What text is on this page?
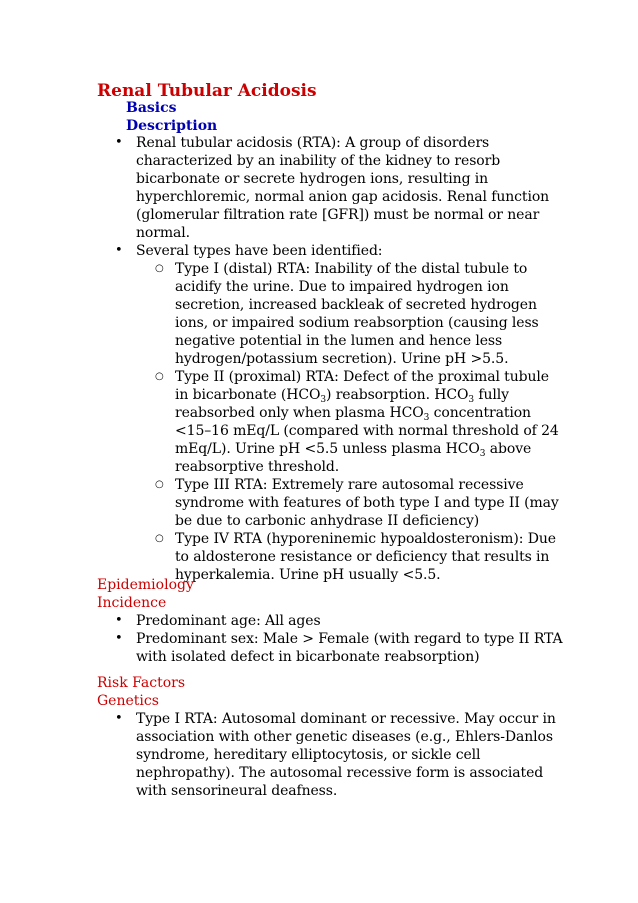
Renal Tubular Acidosis
Basics
Description
• Renal tubular acidosis (RTA): A group of disorders
characterized by an inability of the kidney to resorb
bicarbonate or secrete hydrogen ions, resulting in
hyperchloremic, normal anion gap acidosis. Renal function
(glomerular filtration rate [GFR]) must be normal or near
normal.
• Several types have been identified:
○ Type I (distal) RTA: Inability of the distal tubule to
acidify the urine. Due to impaired hydrogen ion
secretion, increased backleak of secreted hydrogen
ions, or impaired sodium reabsorption (causing less
negative potential in the lumen and hence less
hydrogen/potassium secretion). Urine pH >5.5.
○ Type II (proximal) RTA: Defect of the proximal tubule
in bicarbonate $(HCO_3)$ reabsorption. $HCO_3$ fully
reabsorbed only when plasma $HCO_3$ concentration
<15–16 mEq/L (compared with normal threshold of 24
mEq/L). Urine pH <5.5 unless plasma $HCO_3$ above
reabsorptive threshold.
○ Type III RTA: Extremely rare autosomal recessive
syndrome with features of both type I and type II (may
be due to carbonic anhydrase II deficiency)
○ Type IV RTA (hyporeninemic hypoaldosteronism): Due
to aldosterone resistance or deficiency that results in
hyperkalemia. Urine pH usually <5.5.
Epidemiology
Incidence
• Predominant age: All ages
• Predominant sex: Male > Female (with regard to type II RTA
with isolated defect in bicarbonate reabsorption)
Risk Factors
Genetics
• Type I RTA: Autosomal dominant or recessive. May occur in
association with other genetic diseases (e.g., Ehlers-Danlos
syndrome, hereditary elliptocytosis, or sickle cell
nephropathy). The autosomal recessive form is associated
with sensorineural deafness.
